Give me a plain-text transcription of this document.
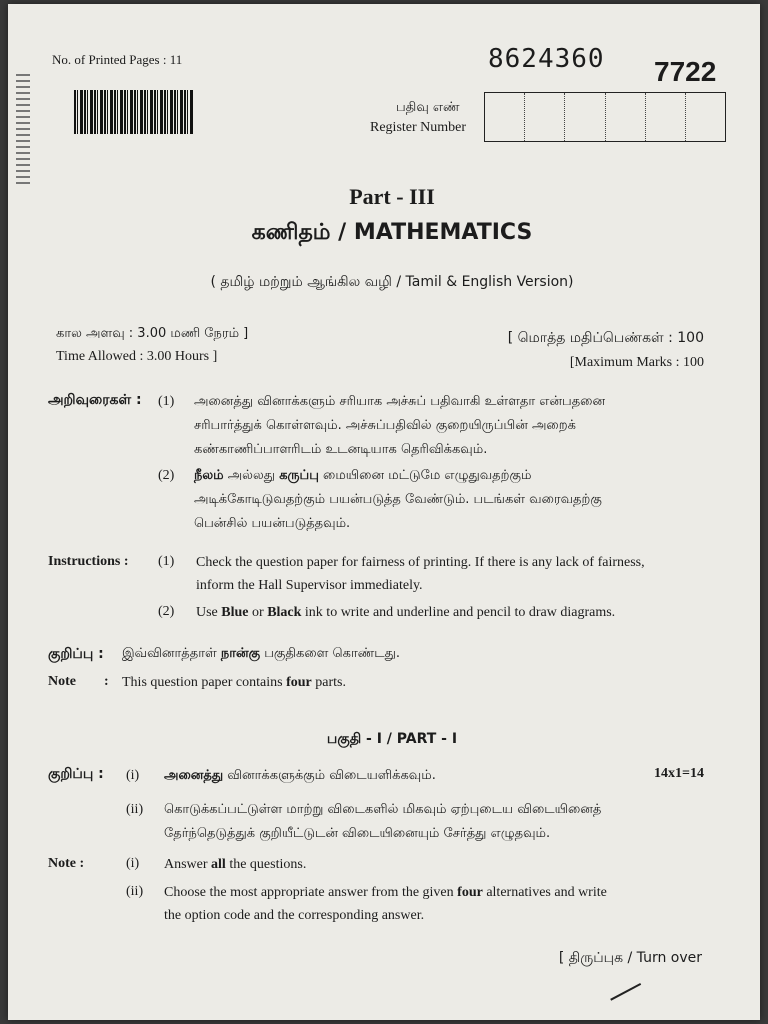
No. of Printed Pages : 11	8624360 7722
பதிவு எண்
Register Number
Part - III
கணிதம் / MATHEMATICS
( தமிழ் மற்றும் ஆங்கில வழி / Tamil & English Version)
கால அளவு : 3.00 மணி நேரம் ]
Time Allowed : 3.00 Hours ]
[ மொத்த மதிப்பெண்கள் : 100
[Maximum Marks : 100
அறிவுரைகள் : (1) அனைத்து வினாக்களும் சரியாக அச்சுப் பதிவாகி உள்ளதா என்பதனை
சரிபார்த்துக் கொள்ளவும். அச்சுப்பதிவில் குறையிருப்பின் அறைக்
கண்காணிப்பாளரிடம் உடனடியாக தெரிவிக்கவும்.
(2) நீலம் அல்லது கருப்பு மையினை மட்டுமே எழுதுவதற்கும்
அடிக்கோடிடுவதற்கும் பயன்படுத்த வேண்டும். படங்கள் வரைவதற்கு
பென்சில் பயன்படுத்தவும்.
Instructions : (1) Check the question paper for fairness of printing. If there is any lack of fairness,
inform the Hall Supervisor immediately.
(2) Use Blue or Black ink to write and underline and pencil to draw diagrams.
குறிப்பு : இவ்வினாத்தாள் நான்கு பகுதிகளை கொண்டது.
Note : This question paper contains four parts.
பகுதி - I / PART - I
14x1=14
குறிப்பு : (i) அனைத்து வினாக்களுக்கும் விடையளிக்கவும்.
(ii) கொடுக்கப்பட்டுள்ள மாற்று விடைகளில் மிகவும் ஏற்புடைய விடையினைத்
தேர்ந்தெடுத்துக் குறியீட்டுடன் விடையினையும் சேர்த்து எழுதவும்.
Note :	(i) Answer all the questions.
(ii) Choose the most appropriate answer from the given four alternatives and write
the option code and the corresponding answer.
[ திருப்புக / Turn over
